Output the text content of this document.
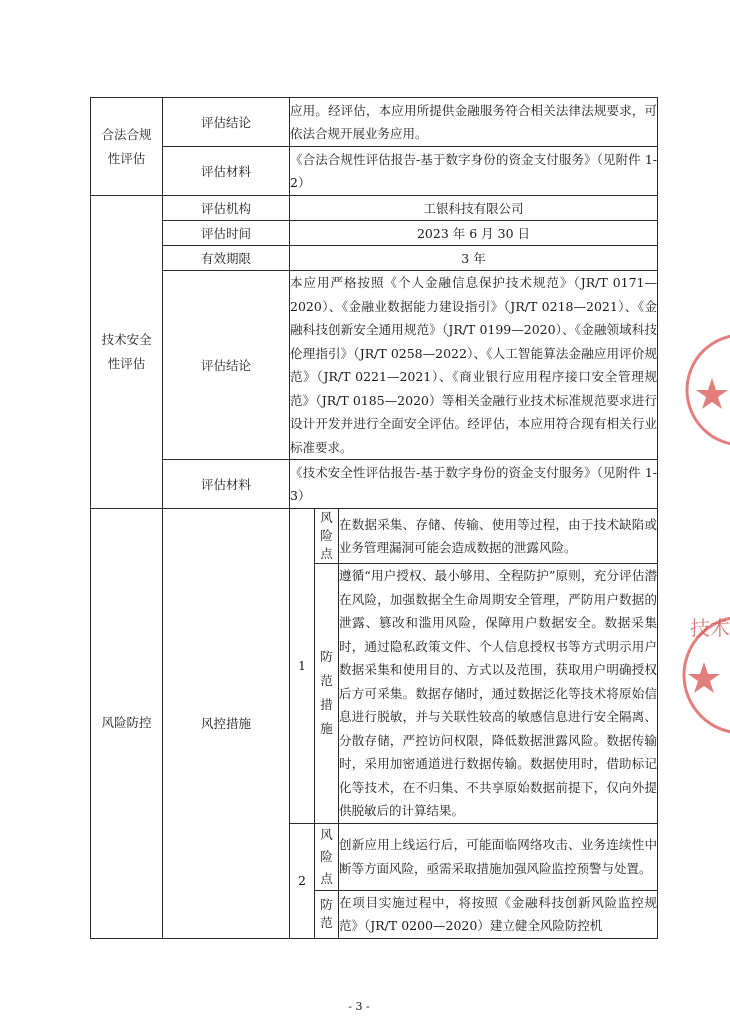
合法合规性评估	评估结论	应用。经评估，本应用所提供金融服务符合相关法律法规要求，可依法合规开展业务应用。		
	评估材料	《合法合规性评估报告-基于数字身份的资金支付服务》（见附件 1-2）		
技术安全性评估	评估机构	工银科技有限公司		
	评估时间	2023 年 6 月 30 日		
	有效期限	3 年		
	评估结论	本应用严格按照《个人金融信息保护技术规范》（JR/T 0171—2020）、《金融业数据能力建设指引》（JR/T 0218—2021）、《金融科技创新安全通用规范》（JR/T 0199—2020）、《金融领域科技伦理指引》（JR/T 0258—2022）、《人工智能算法金融应用评价规范》（JR/T 0221—2021）、《商业银行应用程序接口安全管理规范》（JR/T 0185—2020）等相关金融行业技术标准规范要求进行设计开发并进行全面安全评估。经评估，本应用符合现有相关行业标准要求。		
	评估材料	《技术安全性评估报告-基于数字身份的资金支付服务》（见附件 1-3）		
风险防控	风控措施	1	风险点	在数据采集、存储、传输、使用等过程，由于技术缺陷或业务管理漏洞可能会造成数据的泄露风险。
			防范措施	遵循“用户授权、最小够用、全程防护”原则，充分评估潜在风险，加强数据全生命周期安全管理，严防用户数据的泄露、篡改和滥用风险，保障用户数据安全。数据采集时，通过隐私政策文件、个人信息授权书等方式明示用户数据采集和使用目的、方式以及范围，获取用户明确授权后方可采集。数据存储时，通过数据泛化等技术将原始信息进行脱敏，并与关联性较高的敏感信息进行安全隔离、分散存储，严控访问权限，降低数据泄露风险。数据传输时，采用加密通道进行数据传输。数据使用时，借助标记化等技术，在不归集、不共享原始数据前提下，仅向外提供脱敏后的计算结果。
		2	风险点	创新应用上线运行后，可能面临网络攻击、业务连续性中断等方面风险，亟需采取措施加强风险监控预警与处置。
			防范	在项目实施过程中，将按照《金融科技创新风险监控规范》（JR/T 0200—2020）建立健全风险防控机
技术
- 3 -
